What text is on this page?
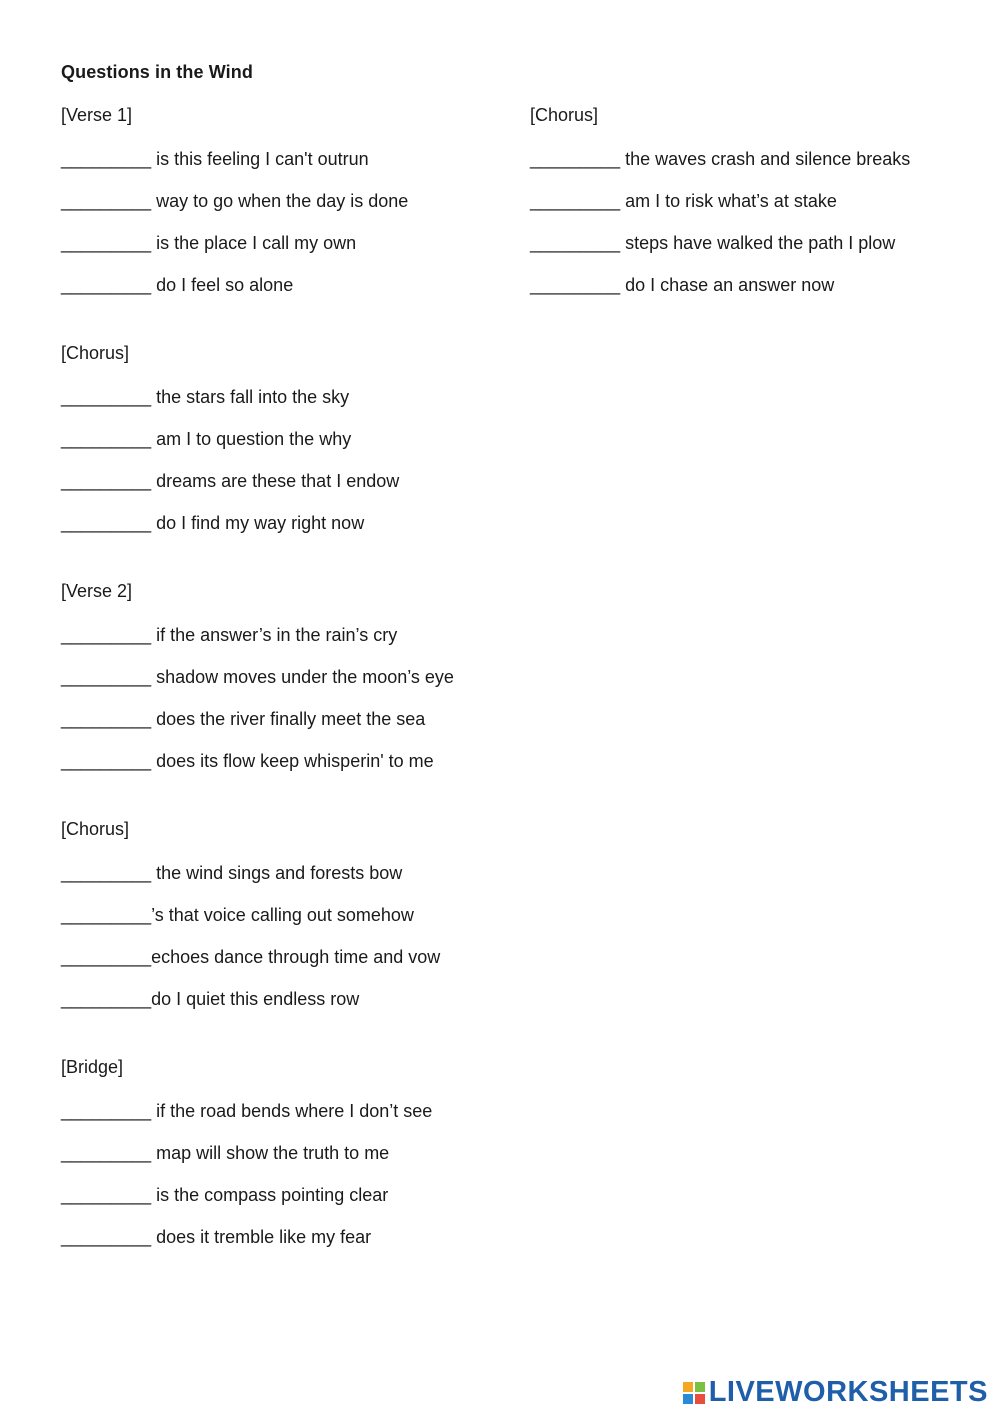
Questions in the Wind
[Verse 1]
_________ is this feeling I can't outrun
_________ way to go when the day is done
_________ is the place I call my own
_________ do I feel so alone
[Chorus]
_________ the stars fall into the sky
_________ am I to question the why
_________ dreams are these that I endow
_________ do I find my way right now
[Verse 2]
_________ if the answer’s in the rain’s cry
_________ shadow moves under the moon’s eye
_________ does the river finally meet the sea
_________ does its flow keep whisperin' to me
[Chorus]
_________ the wind sings and forests bow
_________’s that voice calling out somehow
_________echoes dance through time and vow
_________do I quiet this endless row
[Bridge]
_________ if the road bends where I don’t see
_________ map will show the truth to me
_________ is the compass pointing clear
_________ does it tremble like my fear
[Chorus]
_________ the waves crash and silence breaks
_________ am I to risk what’s at stake
_________ steps have walked the path I plow
_________ do I chase an answer now
LIVEWORKSHEETS
